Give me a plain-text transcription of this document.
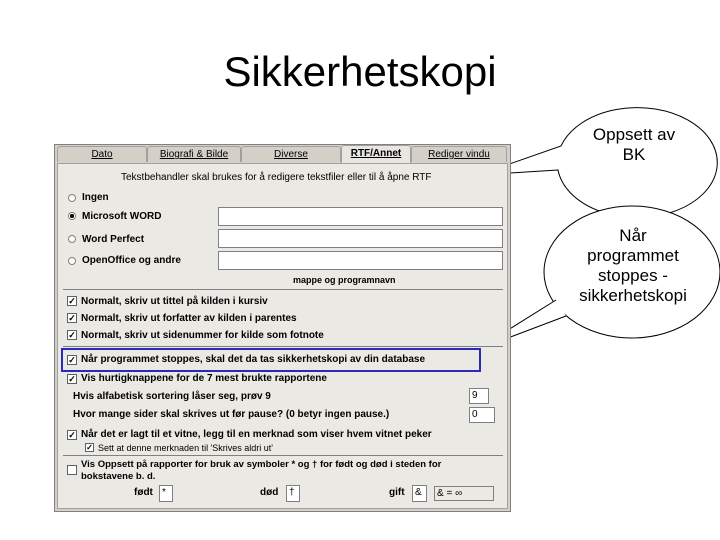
Sikkerhetskopi
Oppsett av
BK
Når
programmet
stoppes -
sikkerhetskopi
Dato	Biografi & Bilde	Diverse	RTF/Annet	Rediger vindu
Tekstbehandler skal brukes for å redigere tekstfiler eller til å åpne RTF
Ingen
Microsoft WORD
Word Perfect
OpenOffice og andre
mappe og programnavn
✓ Normalt, skriv ut tittel på kilden i kursiv
✓ Normalt, skriv ut forfatter av kilden i parentes
✓ Normalt, skriv ut sidenummer for kilde som fotnote
✓ Når programmet stoppes, skal det da tas sikkerhetskopi av din database
✓ Vis hurtigknappene for de 7 mest brukte rapportene
Hvis alfabetisk sortering låser seg, prøv 9	9
Hvor mange sider skal skrives ut før pause? (0 betyr ingen pause.)	0
✓ Når det er lagt til et vitne, legg til en merknad som viser hvem vitnet peker
✓ Sett at denne merknaden til 'Skrives aldri ut'
Vis Oppsett på rapporter for bruk av symboler * og † for født og død i steden for
bokstavene b. d.
født *	død	†	gift	&	& = ∞
